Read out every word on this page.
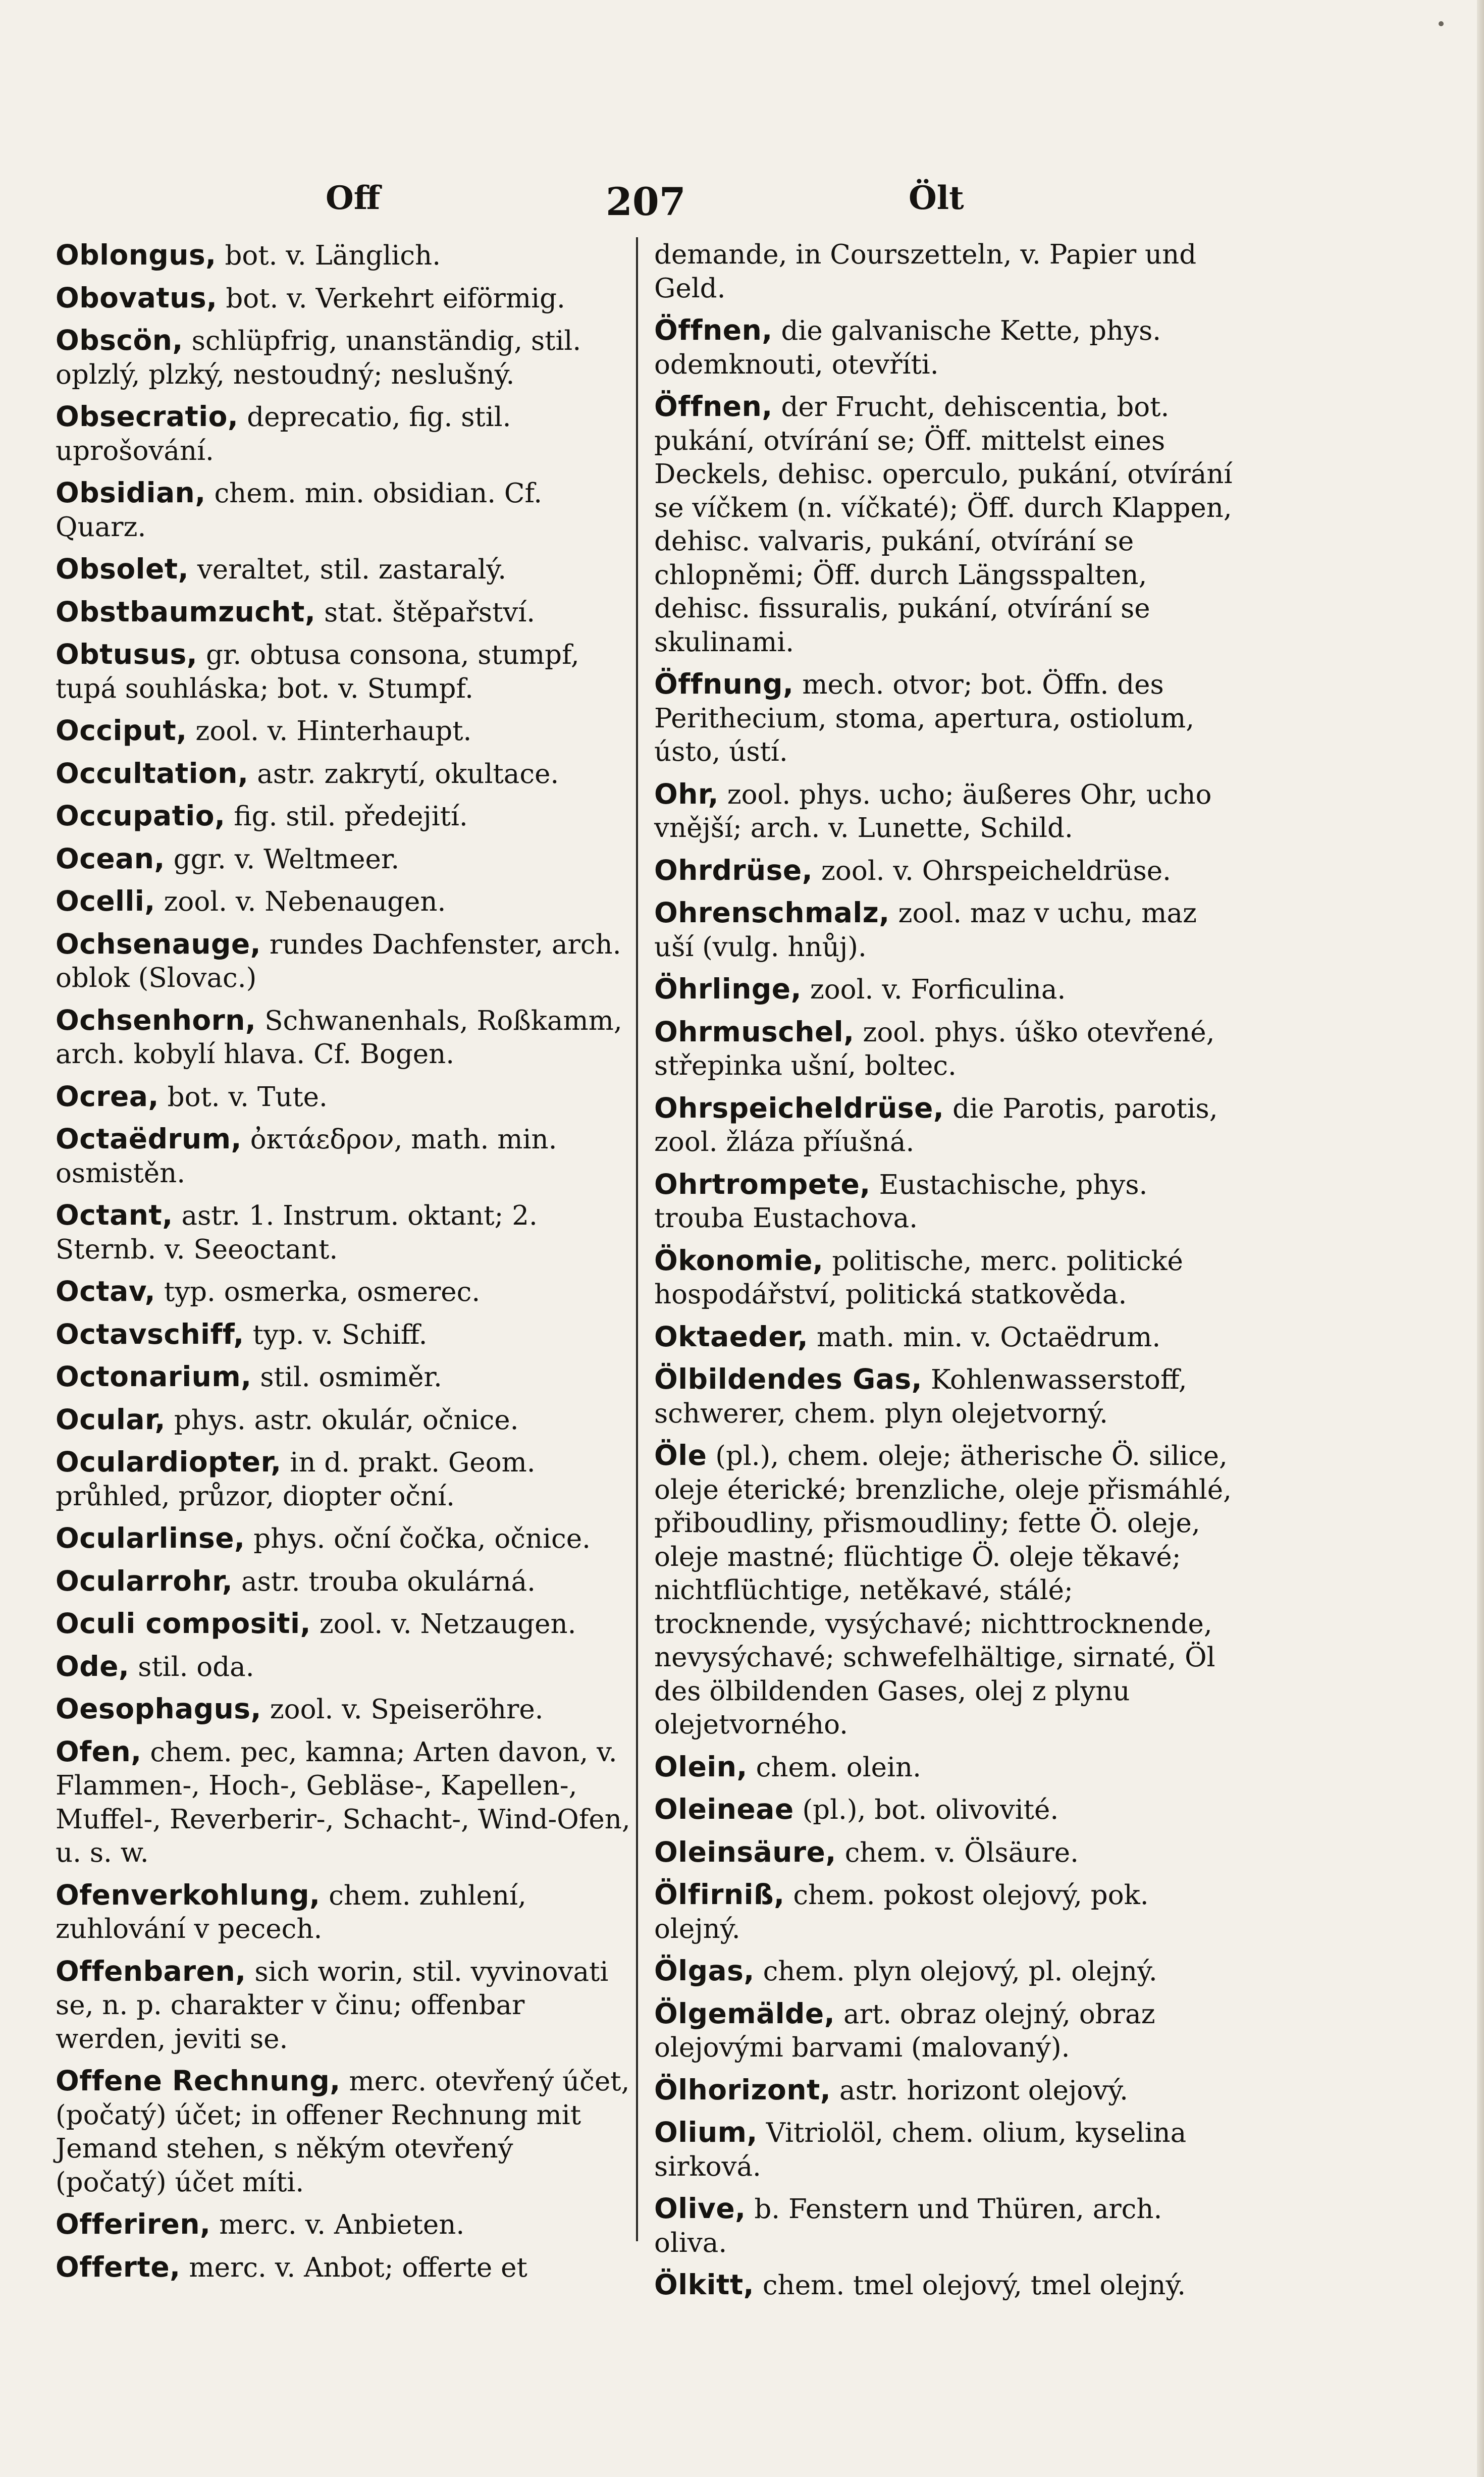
Off	207	Ölt
Oblongus, bot. v. Länglich.
Obovatus, bot. v. Verkehrt eiförmig.
Obscön, schlüpfrig, unanständig, stil. oplzlý, plzký, nestoudný; neslušný.
Obsecratio, deprecatio, fig. stil. uprošování.
Obsidian, chem. min. obsidian. Cf. Quarz.
Obsolet, veraltet, stil. zastaralý.
Obstbaumzucht, stat. štěpařství.
Obtusus, gr. obtusa consona, stumpf, tupá souhláska; bot. v. Stumpf.
Occiput, zool. v. Hinterhaupt.
Occultation, astr. zakrytí, okultace.
Occupatio, fig. stil. předejití.
Ocean, ggr. v. Weltmeer.
Ocelli, zool. v. Nebenaugen.
Ochsenauge, rundes Dachfenster, arch. oblok (Slovac.)
Ochsenhorn, Schwanenhals, Roßkamm, arch. kobylí hlava. Cf. Bogen.
Ocrea, bot. v. Tute.
Octaëdrum, ὀκτάεδρον, math. min. osmistěn.
Octant, astr. 1. Instrum. oktant; 2. Sternb. v. Seeoctant.
Octav, typ. osmerka, osmerec.
Octavschiff, typ. v. Schiff.
Octonarium, stil. osmiměr.
Ocular, phys. astr. okulár, očnice.
Oculardiopter, in d. prakt. Geom. průhled, průzor, diopter oční.
Ocularlinse, phys. oční čočka, očnice.
Ocularrohr, astr. trouba okulárná.
Oculi compositi, zool. v. Netzaugen.
Ode, stil. oda.
Oesophagus, zool. v. Speiseröhre.
Ofen, chem. pec, kamna; Arten davon, v. Flammen-, Hoch-, Gebläse-, Kapellen-, Muffel-, Reverberir-, Schacht-, Wind-Ofen, u. s. w.
Ofenverkohlung, chem. zuhlení, zuhlování v pecech.
Offenbaren, sich worin, stil. vyvinovati se, n. p. charakter v činu; offenbar werden, jeviti se.
Offene Rechnung, merc. otevřený účet, (počatý) účet; in offener Rechnung mit Jemand stehen, s někým otevřený (počatý) účet míti.
Offeriren, merc. v. Anbieten.
Offerte, merc. v. Anbot; offerte et
demande, in Courszetteln, v. Papier und Geld.
Öffnen, die galvanische Kette, phys. odemknouti, otevříti.
Öffnen, der Frucht, dehiscentia, bot. pukání, otvírání se; Öff. mittelst eines Deckels, dehisc. operculo, pukání, otvírání se víčkem (n. víčkaté); Öff. durch Klappen, dehisc. valvaris, pukání, otvírání se chlopněmi; Öff. durch Längsspalten, dehisc. fissuralis, pukání, otvírání se skulinami.
Öffnung, mech. otvor; bot. Öffn. des Perithecium, stoma, apertura, ostiolum, ústo, ústí.
Ohr, zool. phys. ucho; äußeres Ohr, ucho vnější; arch. v. Lunette, Schild.
Ohrdrüse, zool. v. Ohrspeicheldrüse.
Ohrenschmalz, zool. maz v uchu, maz uší (vulg. hnůj).
Öhrlinge, zool. v. Forficulina.
Ohrmuschel, zool. phys. úško otevřené, střepinka ušní, boltec.
Ohrspeicheldrüse, die Parotis, parotis, zool. žláza příušná.
Ohrtrompete, Eustachische, phys. trouba Eustachova.
Ökonomie, politische, merc. politické hospodářství, politická statkověda.
Oktaeder, math. min. v. Octaëdrum.
Ölbildendes Gas, Kohlenwasserstoff, schwerer, chem. plyn olejetvorný.
Öle (pl.), chem. oleje; ätherische Ö. silice, oleje éterické; brenzliche, oleje přismáhlé, přiboudliny, přismoudliny; fette Ö. oleje, oleje mastné; flüchtige Ö. oleje těkavé; nichtflüchtige, netěkavé, stálé; trocknende, vysýchavé; nichttrocknende, nevysýchavé; schwefelhältige, sirnaté, Öl des ölbildenden Gases, olej z plynu olejetvorného.
Olein, chem. olein.
Oleineae (pl.), bot. olivovité.
Oleinsäure, chem. v. Ölsäure.
Ölfirniß, chem. pokost olejový, pok. olejný.
Ölgas, chem. plyn olejový, pl. olejný.
Ölgemälde, art. obraz olejný, obraz olejovými barvami (malovaný).
Ölhorizont, astr. horizont olejový.
Olium, Vitriolöl, chem. olium, kyselina sirková.
Olive, b. Fenstern und Thüren, arch. oliva.
Ölkitt, chem. tmel olejový, tmel olejný.
